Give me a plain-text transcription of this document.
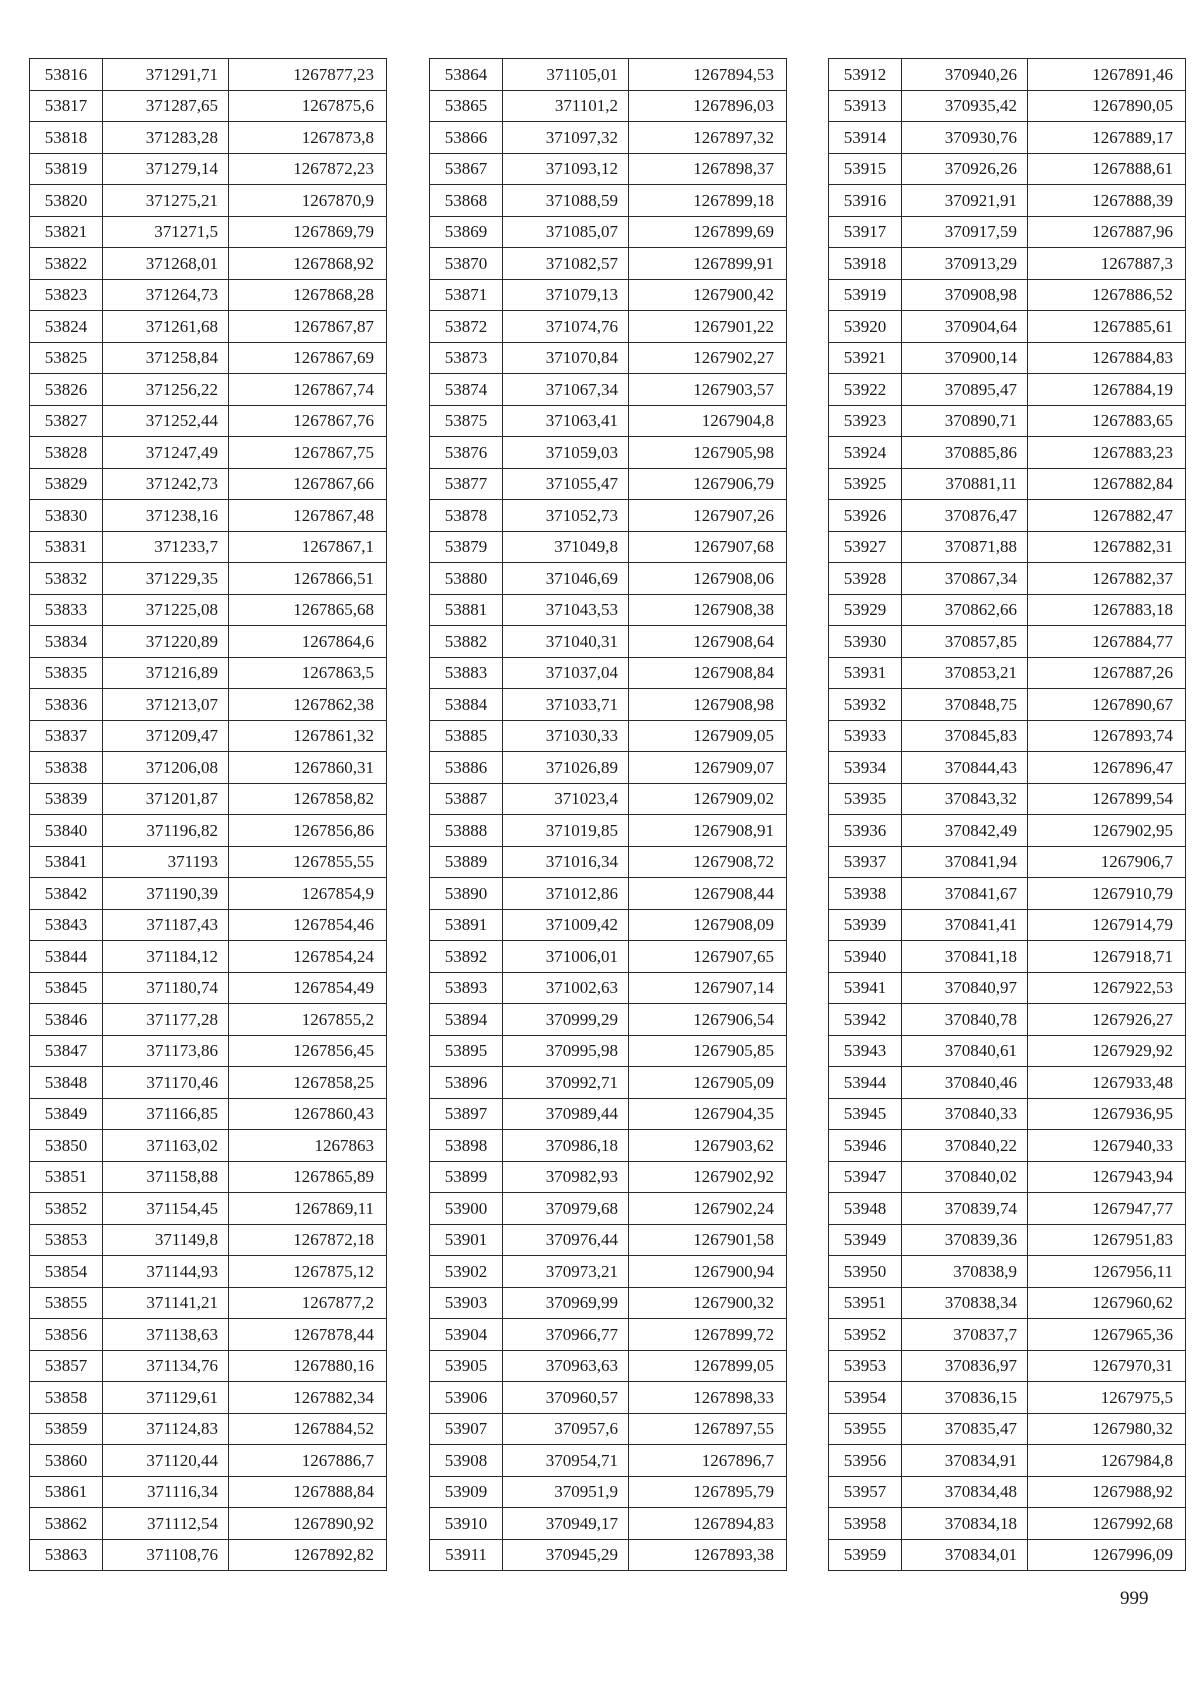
53816	371291,71	1267877,23
53817	371287,65	1267875,6
53818	371283,28	1267873,8
53819	371279,14	1267872,23
53820	371275,21	1267870,9
53821	371271,5	1267869,79
53822	371268,01	1267868,92
53823	371264,73	1267868,28
53824	371261,68	1267867,87
53825	371258,84	1267867,69
53826	371256,22	1267867,74
53827	371252,44	1267867,76
53828	371247,49	1267867,75
53829	371242,73	1267867,66
53830	371238,16	1267867,48
53831	371233,7	1267867,1
53832	371229,35	1267866,51
53833	371225,08	1267865,68
53834	371220,89	1267864,6
53835	371216,89	1267863,5
53836	371213,07	1267862,38
53837	371209,47	1267861,32
53838	371206,08	1267860,31
53839	371201,87	1267858,82
53840	371196,82	1267856,86
53841	371193	1267855,55
53842	371190,39	1267854,9
53843	371187,43	1267854,46
53844	371184,12	1267854,24
53845	371180,74	1267854,49
53846	371177,28	1267855,2
53847	371173,86	1267856,45
53848	371170,46	1267858,25
53849	371166,85	1267860,43
53850	371163,02	1267863
53851	371158,88	1267865,89
53852	371154,45	1267869,11
53853	371149,8	1267872,18
53854	371144,93	1267875,12
53855	371141,21	1267877,2
53856	371138,63	1267878,44
53857	371134,76	1267880,16
53858	371129,61	1267882,34
53859	371124,83	1267884,52
53860	371120,44	1267886,7
53861	371116,34	1267888,84
53862	371112,54	1267890,92
53863	371108,76	1267892,82
53864	371105,01	1267894,53
53865	371101,2	1267896,03
53866	371097,32	1267897,32
53867	371093,12	1267898,37
53868	371088,59	1267899,18
53869	371085,07	1267899,69
53870	371082,57	1267899,91
53871	371079,13	1267900,42
53872	371074,76	1267901,22
53873	371070,84	1267902,27
53874	371067,34	1267903,57
53875	371063,41	1267904,8
53876	371059,03	1267905,98
53877	371055,47	1267906,79
53878	371052,73	1267907,26
53879	371049,8	1267907,68
53880	371046,69	1267908,06
53881	371043,53	1267908,38
53882	371040,31	1267908,64
53883	371037,04	1267908,84
53884	371033,71	1267908,98
53885	371030,33	1267909,05
53886	371026,89	1267909,07
53887	371023,4	1267909,02
53888	371019,85	1267908,91
53889	371016,34	1267908,72
53890	371012,86	1267908,44
53891	371009,42	1267908,09
53892	371006,01	1267907,65
53893	371002,63	1267907,14
53894	370999,29	1267906,54
53895	370995,98	1267905,85
53896	370992,71	1267905,09
53897	370989,44	1267904,35
53898	370986,18	1267903,62
53899	370982,93	1267902,92
53900	370979,68	1267902,24
53901	370976,44	1267901,58
53902	370973,21	1267900,94
53903	370969,99	1267900,32
53904	370966,77	1267899,72
53905	370963,63	1267899,05
53906	370960,57	1267898,33
53907	370957,6	1267897,55
53908	370954,71	1267896,7
53909	370951,9	1267895,79
53910	370949,17	1267894,83
53911	370945,29	1267893,38
53912	370940,26	1267891,46
53913	370935,42	1267890,05
53914	370930,76	1267889,17
53915	370926,26	1267888,61
53916	370921,91	1267888,39
53917	370917,59	1267887,96
53918	370913,29	1267887,3
53919	370908,98	1267886,52
53920	370904,64	1267885,61
53921	370900,14	1267884,83
53922	370895,47	1267884,19
53923	370890,71	1267883,65
53924	370885,86	1267883,23
53925	370881,11	1267882,84
53926	370876,47	1267882,47
53927	370871,88	1267882,31
53928	370867,34	1267882,37
53929	370862,66	1267883,18
53930	370857,85	1267884,77
53931	370853,21	1267887,26
53932	370848,75	1267890,67
53933	370845,83	1267893,74
53934	370844,43	1267896,47
53935	370843,32	1267899,54
53936	370842,49	1267902,95
53937	370841,94	1267906,7
53938	370841,67	1267910,79
53939	370841,41	1267914,79
53940	370841,18	1267918,71
53941	370840,97	1267922,53
53942	370840,78	1267926,27
53943	370840,61	1267929,92
53944	370840,46	1267933,48
53945	370840,33	1267936,95
53946	370840,22	1267940,33
53947	370840,02	1267943,94
53948	370839,74	1267947,77
53949	370839,36	1267951,83
53950	370838,9	1267956,11
53951	370838,34	1267960,62
53952	370837,7	1267965,36
53953	370836,97	1267970,31
53954	370836,15	1267975,5
53955	370835,47	1267980,32
53956	370834,91	1267984,8
53957	370834,48	1267988,92
53958	370834,18	1267992,68
53959	370834,01	1267996,09
999
